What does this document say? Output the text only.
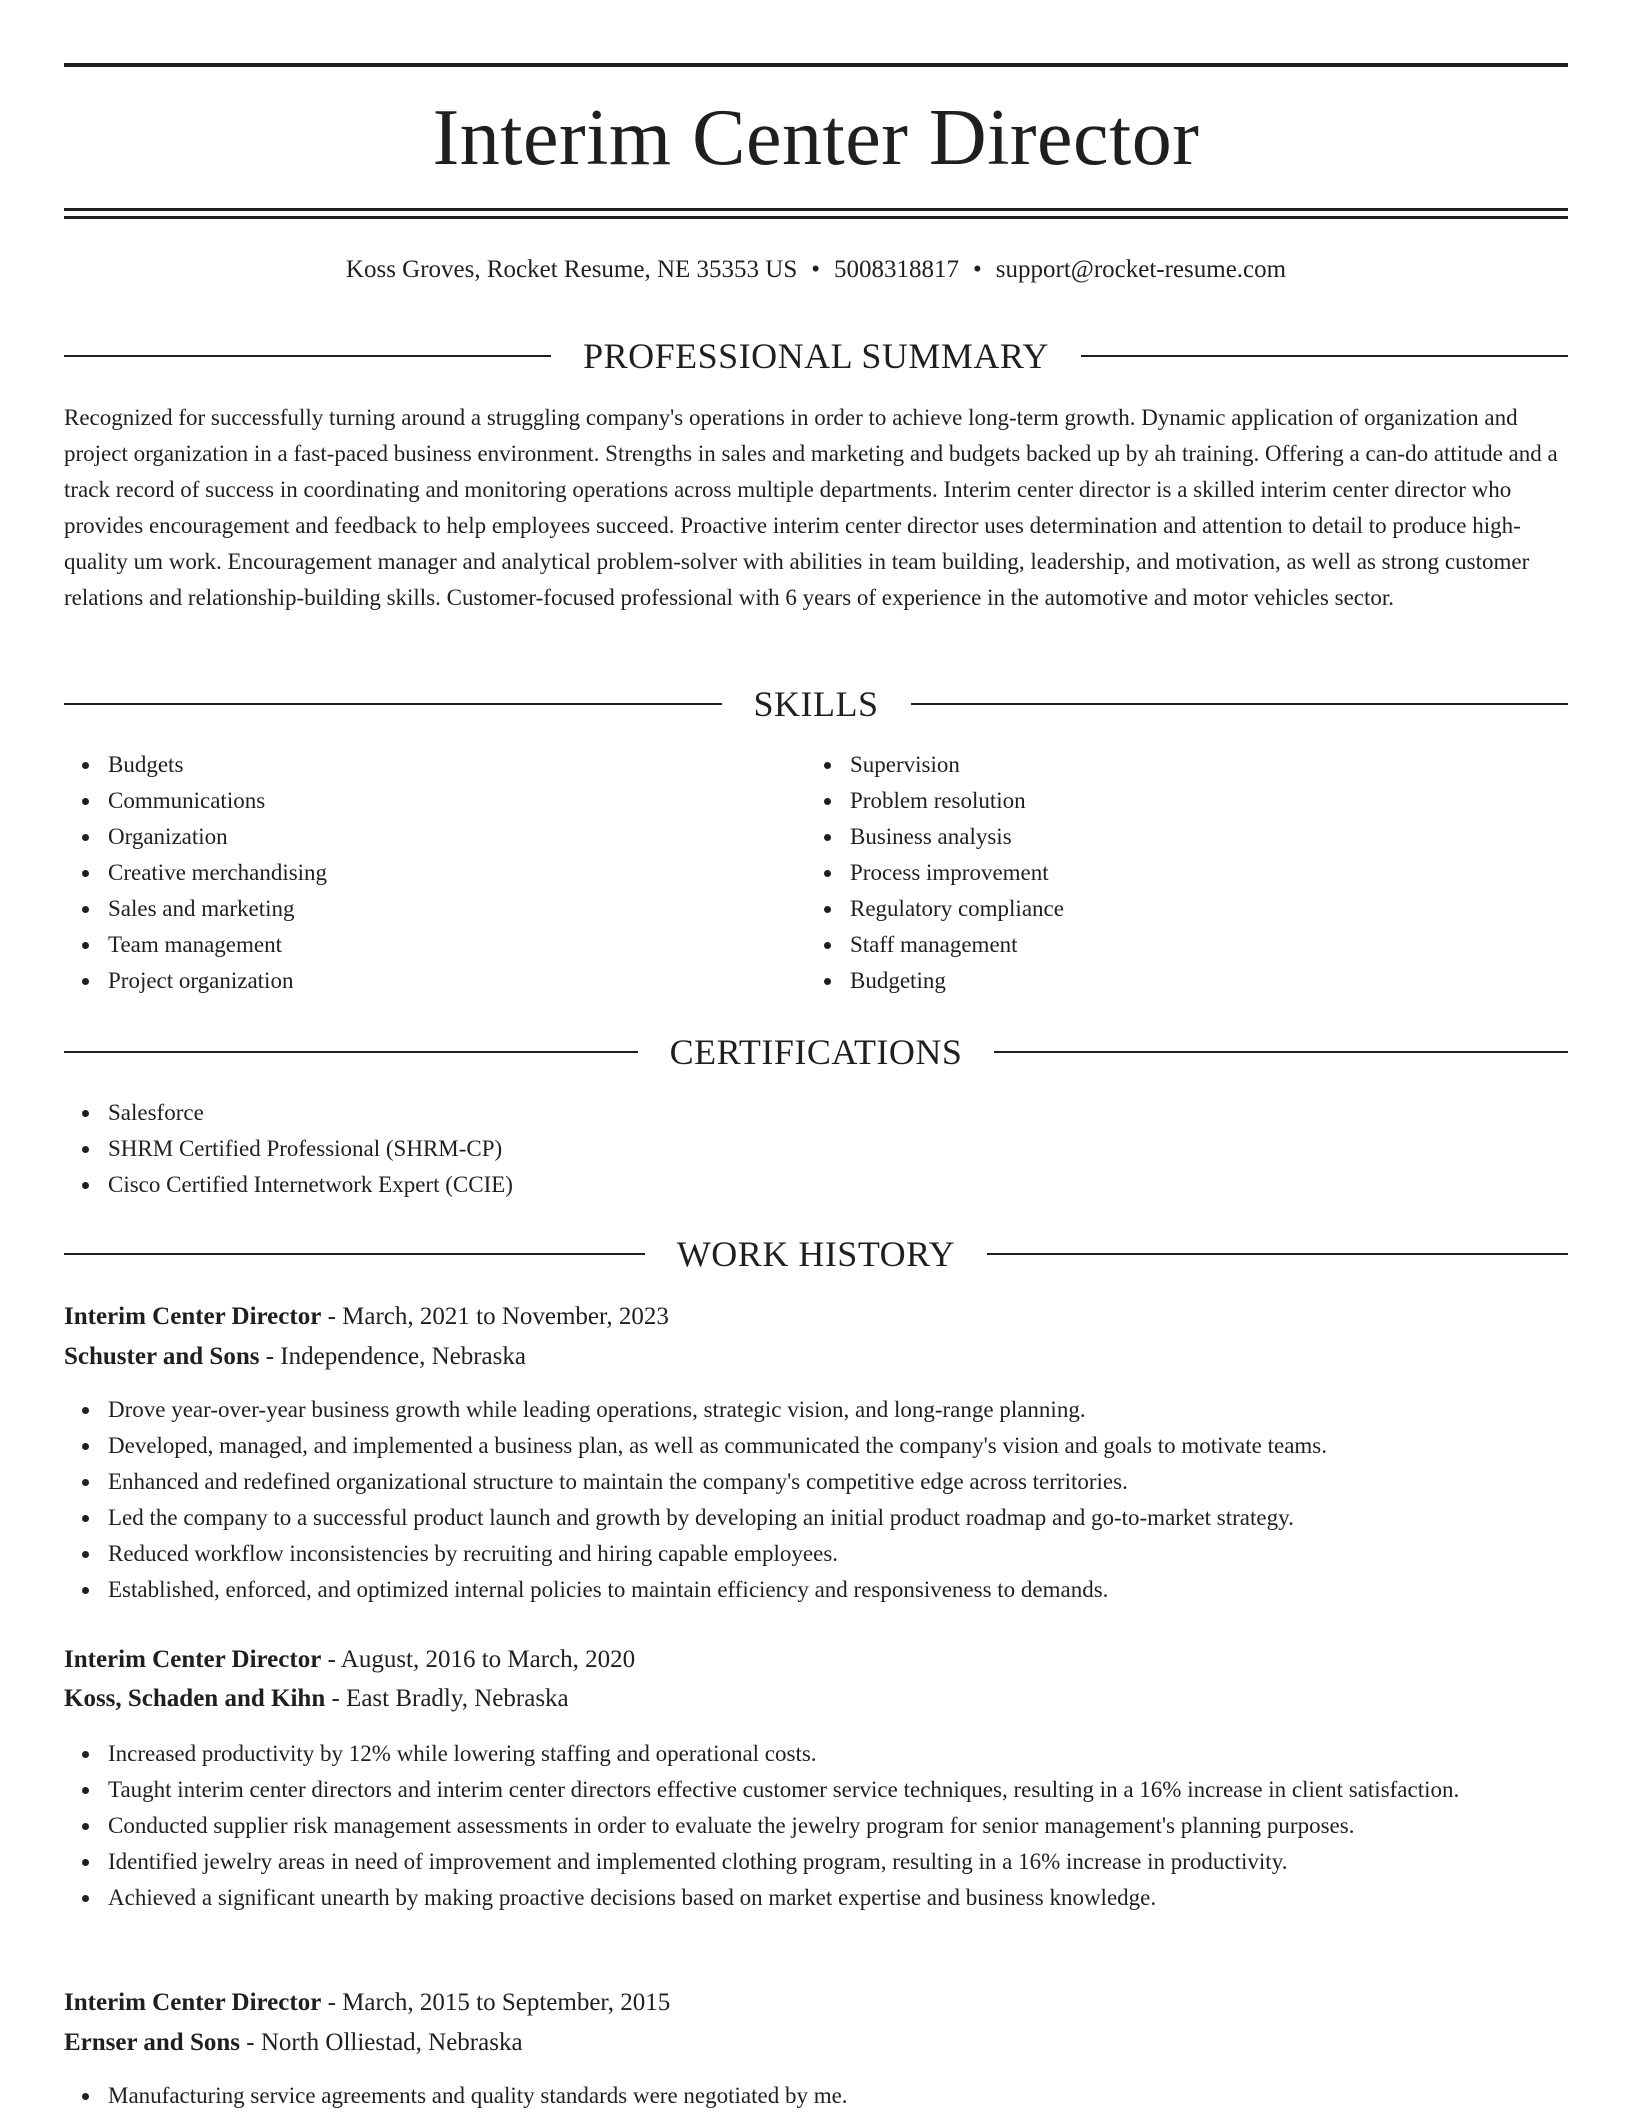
Interim Center Director
Koss Groves, Rocket Resume, NE 35353 US • 5008318817 • support@rocket-resume.com
PROFESSIONAL SUMMARY

Recognized for successfully turning around a struggling company's operations in order to achieve long-term growth. Dynamic application of organization and project organization in a fast-paced business environment. Strengths in sales and marketing and budgets backed up by ah training. Offering a can-do attitude and a track record of success in coordinating and monitoring operations across multiple departments. Interim center director is a skilled interim center director who provides encouragement and feedback to help employees succeed. Proactive interim center director uses determination and attention to detail to produce high-quality um work. Encouragement manager and analytical problem-solver with abilities in team building, leadership, and motivation, as well as strong customer relations and relationship-building skills. Customer-focused professional with 6 years of experience in the automotive and motor vehicles sector.

SKILLS
Budgets
Communications
Organization
Creative merchandising
Sales and marketing
Team management
Project organization
Supervision
Problem resolution
Business analysis
Process improvement
Regulatory compliance
Staff management
Budgeting
CERTIFICATIONS
Salesforce
SHRM Certified Professional (SHRM-CP)
Cisco Certified Internetwork Expert (CCIE)
WORK HISTORY
Interim Center Director - March, 2021 to November, 2023
Schuster and Sons - Independence, Nebraska
Drove year-over-year business growth while leading operations, strategic vision, and long-range planning.
Developed, managed, and implemented a business plan, as well as communicated the company's vision and goals to motivate teams.
Enhanced and redefined organizational structure to maintain the company's competitive edge across territories.
Led the company to a successful product launch and growth by developing an initial product roadmap and go-to-market strategy.
Reduced workflow inconsistencies by recruiting and hiring capable employees.
Established, enforced, and optimized internal policies to maintain efficiency and responsiveness to demands.
Interim Center Director - August, 2016 to March, 2020
Koss, Schaden and Kihn - East Bradly, Nebraska
Increased productivity by 12% while lowering staffing and operational costs.
Taught interim center directors and interim center directors effective customer service techniques, resulting in a 16% increase in client satisfaction.
Conducted supplier risk management assessments in order to evaluate the jewelry program for senior management's planning purposes.
Identified jewelry areas in need of improvement and implemented clothing program, resulting in a 16% increase in productivity.
Achieved a significant unearth by making proactive decisions based on market expertise and business knowledge.
Interim Center Director - March, 2015 to September, 2015
Ernser and Sons - North Olliestad, Nebraska
Manufacturing service agreements and quality standards were negotiated by me.
